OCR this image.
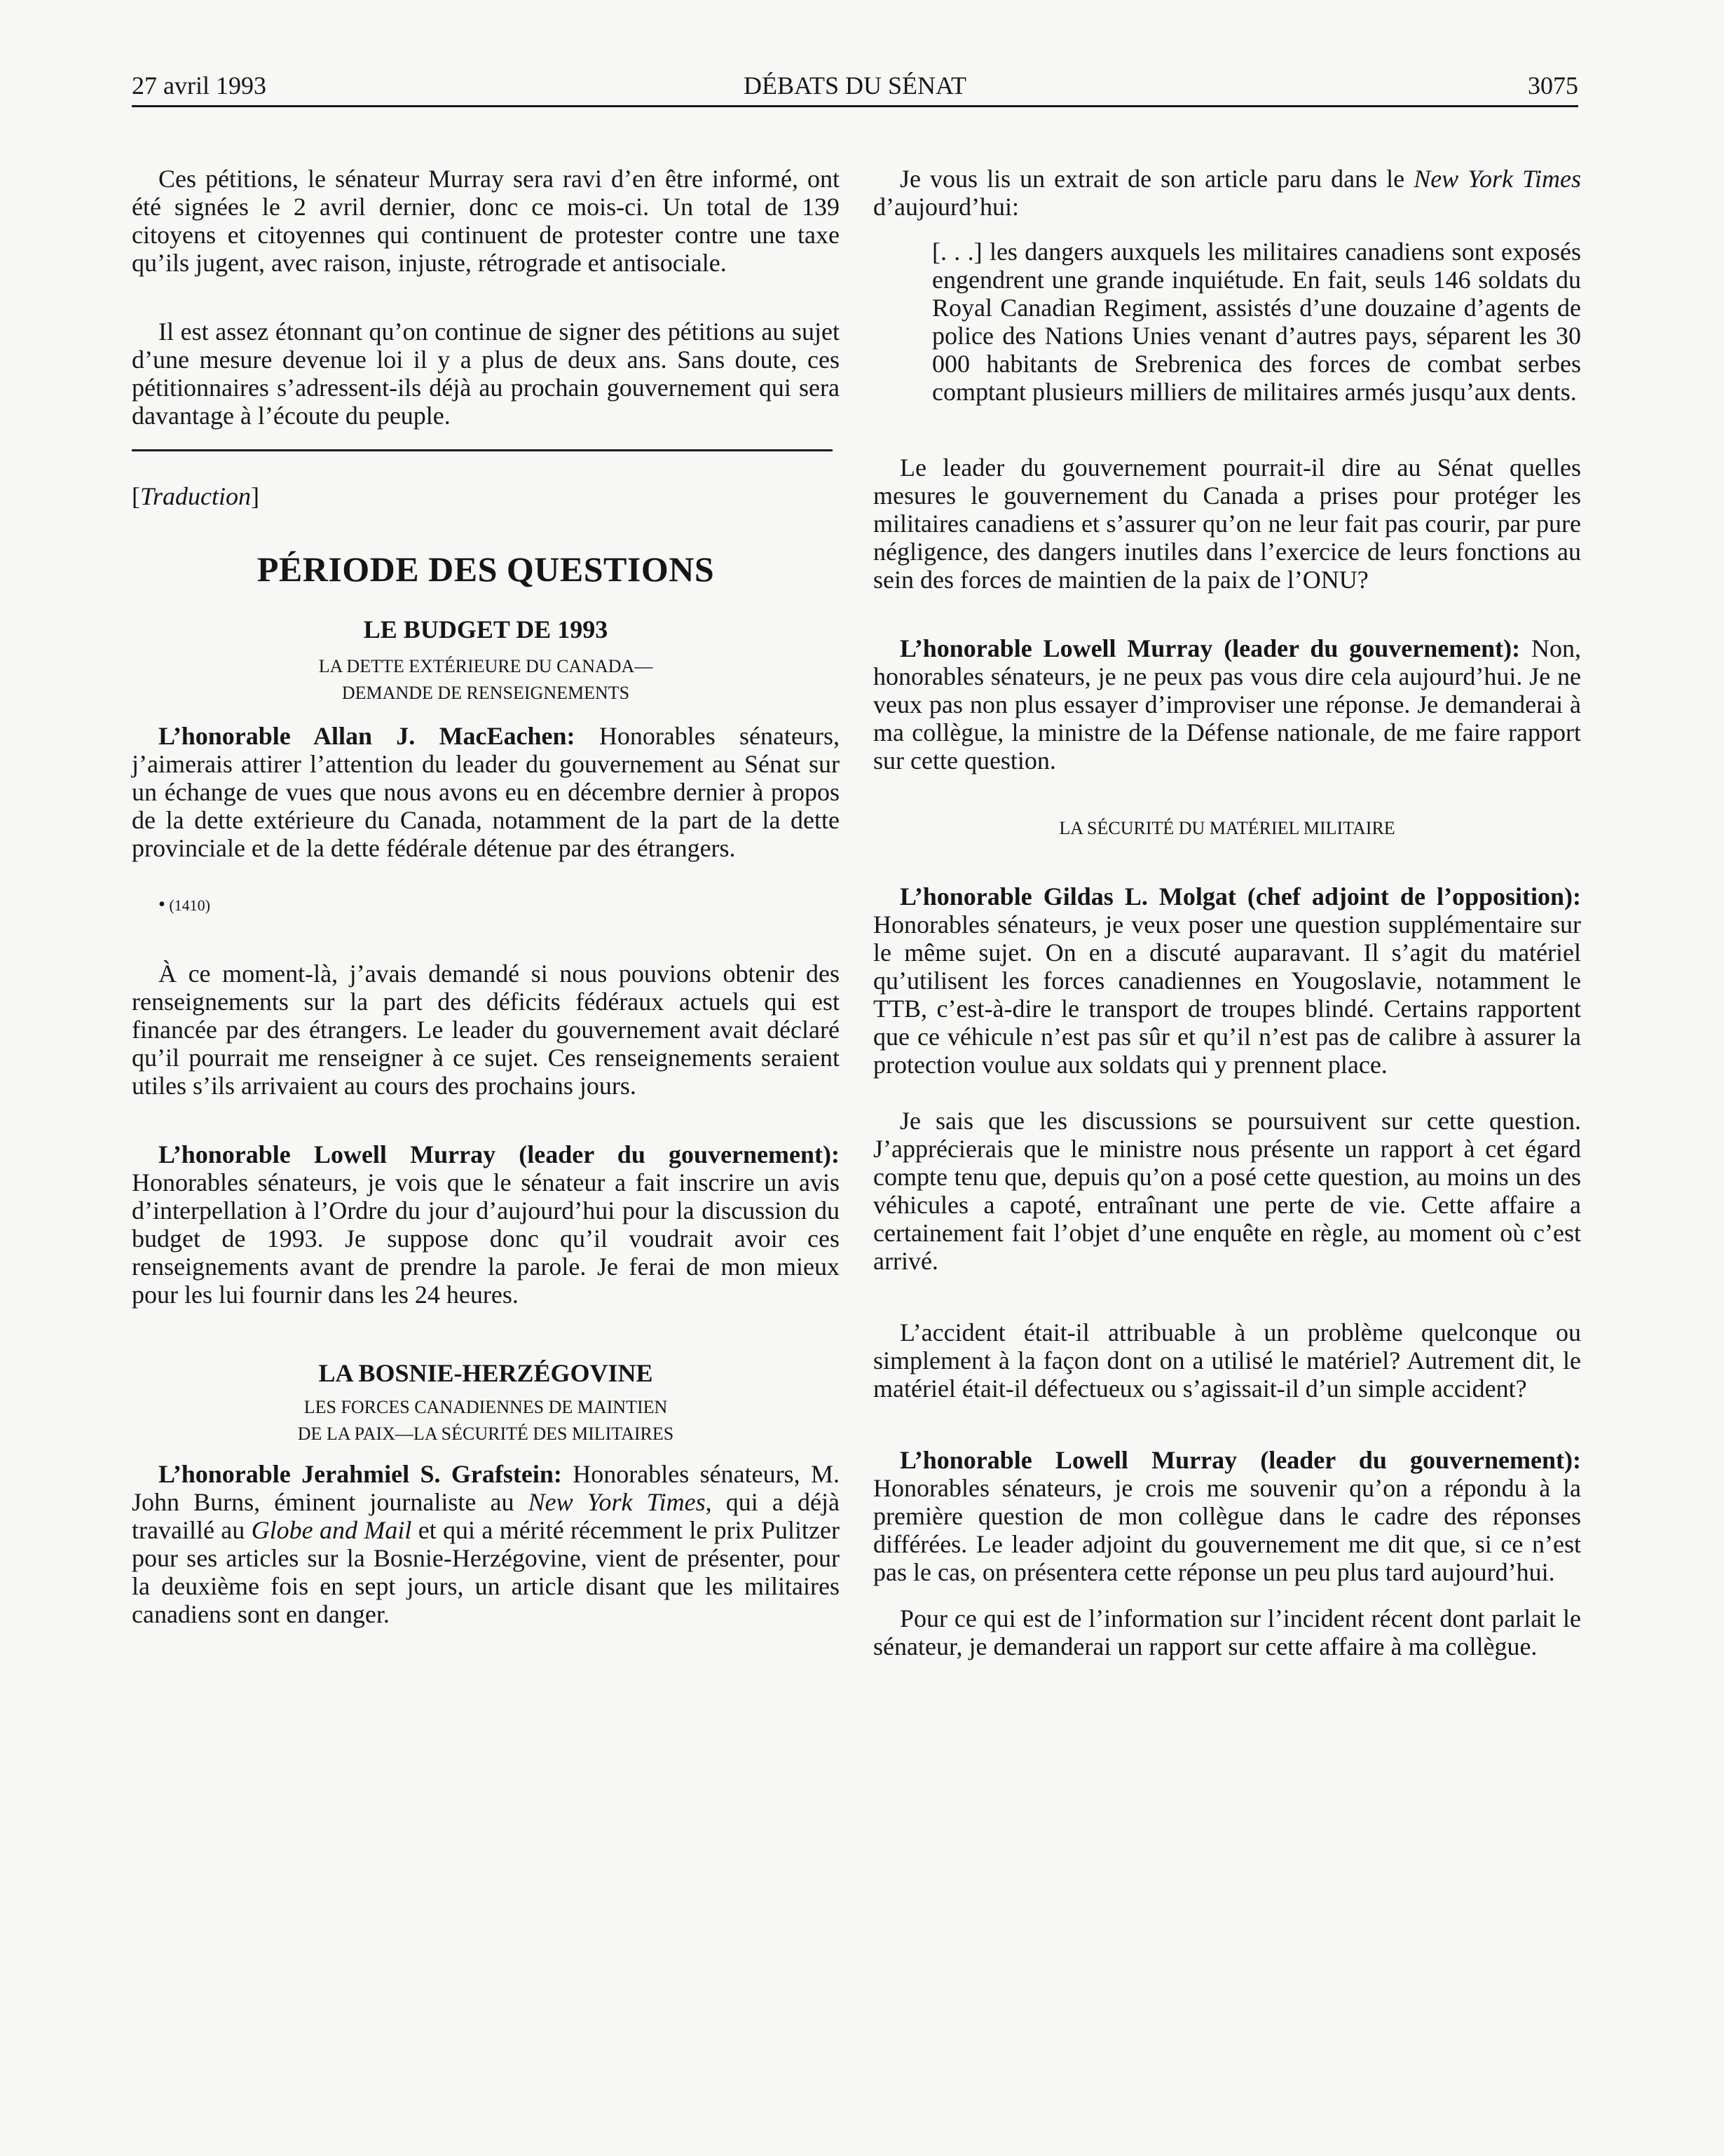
27 avril 1993	DÉBATS DU SÉNAT	3075

Ces pétitions, le sénateur Murray sera ravi d’en être informé, ont été signées le 2 avril dernier, donc ce mois-ci. Un total de 139 citoyens et citoyennes qui continuent de protester contre une taxe qu’ils jugent, avec raison, injuste, rétrograde et antisociale.

Il est assez étonnant qu’on continue de signer des pétitions au sujet d’une mesure devenue loi il y a plus de deux ans. Sans doute, ces pétitionnaires s’adressent-ils déjà au prochain gouvernement qui sera davantage à l’écoute du peuple.

[Traduction]
PÉRIODE DES QUESTIONS
LE BUDGET DE 1993
LA DETTE EXTÉRIEURE DU CANADA—
DEMANDE DE RENSEIGNEMENTS

L’honorable Allan J. MacEachen: Honorables sénateurs, j’aimerais attirer l’attention du leader du gouvernement au Sénat sur un échange de vues que nous avons eu en décembre dernier à propos de la dette extérieure du Canada, notamment de la part de la dette provinciale et de la dette fédérale détenue par des étrangers.

• (1410)

À ce moment-là, j’avais demandé si nous pouvions obtenir des renseignements sur la part des déficits fédéraux actuels qui est financée par des étrangers. Le leader du gouvernement avait déclaré qu’il pourrait me renseigner à ce sujet. Ces renseignements seraient utiles s’ils arrivaient au cours des prochains jours.

L’honorable Lowell Murray (leader du gouvernement): Honorables sénateurs, je vois que le sénateur a fait inscrire un avis d’interpellation à l’Ordre du jour d’aujourd’hui pour la discussion du budget de 1993. Je suppose donc qu’il voudrait avoir ces renseignements avant de prendre la parole. Je ferai de mon mieux pour les lui fournir dans les 24 heures.

LA BOSNIE-HERZÉGOVINE
LES FORCES CANADIENNES DE MAINTIEN
DE LA PAIX—LA SÉCURITÉ DES MILITAIRES

L’honorable Jerahmiel S. Grafstein: Honorables sénateurs, M. John Burns, éminent journaliste au New York Times, qui a déjà travaillé au Globe and Mail et qui a mérité récemment le prix Pulitzer pour ses articles sur la Bosnie-Herzégovine, vient de présenter, pour la deuxième fois en sept jours, un article disant que les militaires canadiens sont en danger.

Je vous lis un extrait de son article paru dans le New York Times d’aujourd’hui:

[. . .] les dangers auxquels les militaires canadiens sont exposés engendrent une grande inquiétude. En fait, seuls 146 soldats du Royal Canadian Regiment, assistés d’une douzaine d’agents de police des Nations Unies venant d’autres pays, séparent les 30 000 habitants de Srebrenica des forces de combat serbes comptant plusieurs milliers de militaires armés jusqu’aux dents.

Le leader du gouvernement pourrait-il dire au Sénat quelles mesures le gouvernement du Canada a prises pour protéger les militaires canadiens et s’assurer qu’on ne leur fait pas courir, par pure négligence, des dangers inutiles dans l’exercice de leurs fonctions au sein des forces de maintien de la paix de l’ONU?

L’honorable Lowell Murray (leader du gouvernement): Non, honorables sénateurs, je ne peux pas vous dire cela aujourd’hui. Je ne veux pas non plus essayer d’improviser une réponse. Je demanderai à ma collègue, la ministre de la Défense nationale, de me faire rapport sur cette question.

LA SÉCURITÉ DU MATÉRIEL MILITAIRE

L’honorable Gildas L. Molgat (chef adjoint de l’opposition): Honorables sénateurs, je veux poser une question supplémentaire sur le même sujet. On en a discuté auparavant. Il s’agit du matériel qu’utilisent les forces canadiennes en Yougoslavie, notamment le TTB, c’est-à-dire le transport de troupes blindé. Certains rapportent que ce véhicule n’est pas sûr et qu’il n’est pas de calibre à assurer la protection voulue aux soldats qui y prennent place.

Je sais que les discussions se poursuivent sur cette question. J’apprécierais que le ministre nous présente un rapport à cet égard compte tenu que, depuis qu’on a posé cette question, au moins un des véhicules a capoté, entraînant une perte de vie. Cette affaire a certainement fait l’objet d’une enquête en règle, au moment où c’est arrivé.

L’accident était-il attribuable à un problème quelconque ou simplement à la façon dont on a utilisé le matériel? Autrement dit, le matériel était-il défectueux ou s’agissait-il d’un simple accident?

L’honorable Lowell Murray (leader du gouvernement): Honorables sénateurs, je crois me souvenir qu’on a répondu à la première question de mon collègue dans le cadre des réponses différées. Le leader adjoint du gouvernement me dit que, si ce n’est pas le cas, on présentera cette réponse un peu plus tard aujourd’hui.

Pour ce qui est de l’information sur l’incident récent dont parlait le sénateur, je demanderai un rapport sur cette affaire à ma collègue.
